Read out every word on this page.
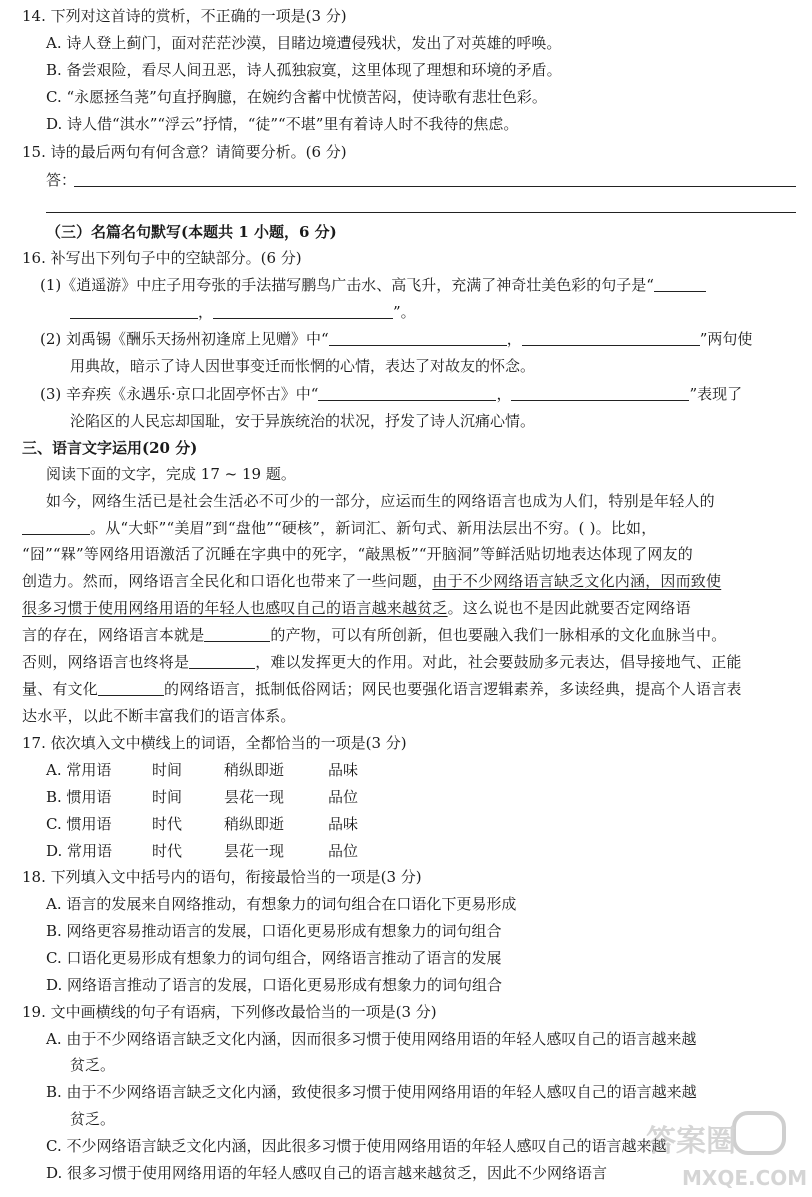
14. 下列对这首诗的赏析，不正确的一项是(3 分)
A. 诗人登上蓟门，面对茫茫沙漠，目睹边境遭侵残状，发出了对英雄的呼唤。
B. 备尝艰险，看尽人间丑恶，诗人孤独寂寞，这里体现了理想和环境的矛盾。
C. “永愿拯刍荛”句直抒胸臆，在婉约含蓄中忧愤苦闷，使诗歌有悲壮色彩。
D. 诗人借“淇水”“浮云”抒情，“徒”“不堪”里有着诗人时不我待的焦虑。
15. 诗的最后两句有何含意？请简要分析。(6 分)
答：
（三）名篇名句默写(本题共 1 小题，6 分)
16. 补写出下列句子中的空缺部分。(6 分)
(1)《逍遥游》中庄子用夸张的手法描写鹏鸟广击水、高飞升，充满了神奇壮美色彩的句子是“
，	”。
(2) 刘禹锡《酬乐天扬州初逢席上见赠》中“	，	”两句使
用典故，暗示了诗人因世事变迁而怅惘的心情，表达了对故友的怀念。
(3) 辛弃疾《永遇乐·京口北固亭怀古》中“	，	”表现了
沦陷区的人民忘却国耻，安于异族统治的状况，抒发了诗人沉痛心情。
三、语言文字运用(20 分)
阅读下面的文字，完成 17 ~ 19 题。
如今，网络生活已是社会生活必不可少的一部分，应运而生的网络语言也成为人们，特别是年轻人的
。从“大虾”“美眉”到“盘他”“硬核”，新词汇、新句式、新用法层出不穷。( )。比如，
“囧”“槑”等网络用语激活了沉睡在字典中的死字，“敲黑板”“开脑洞”等鲜活贴切地表达体现了网友的
创造力。然而，网络语言全民化和口语化也带来了一些问题，由于不少网络语言缺乏文化内涵，因而致使
很多习惯于使用网络用语的年轻人也感叹自己的语言越来越贫乏。这么说也不是因此就要否定网络语
言的存在，网络语言本就是	的产物，可以有所创新，但也要融入我们一脉相承的文化血脉当中。
否则，网络语言也终将是	，难以发挥更大的作用。对此，社会要鼓励多元表达，倡导接地气、正能
量、有文化	的网络语言，抵制低俗网话；网民也要强化语言逻辑素养，多读经典，提高个人语言表
达水平，以此不断丰富我们的语言体系。
17. 依次填入文中横线上的词语，全都恰当的一项是(3 分)
A. 常用语	时间	稍纵即逝	品味
B. 惯用语	时间	昙花一现	品位
C. 惯用语	时代	稍纵即逝	品味
D. 常用语	时代	昙花一现	品位
18. 下列填入文中括号内的语句，衔接最恰当的一项是(3 分)
A. 语言的发展来自网络推动，有想象力的词句组合在口语化下更易形成
B. 网络更容易推动语言的发展，口语化更易形成有想象力的词句组合
C. 口语化更易形成有想象力的词句组合，网络语言推动了语言的发展
D. 网络语言推动了语言的发展，口语化更易形成有想象力的词句组合
19. 文中画横线的句子有语病，下列修改最恰当的一项是(3 分)
A. 由于不少网络语言缺乏文化内涵，因而很多习惯于使用网络用语的年轻人感叹自己的语言越来越
贫乏。
B. 由于不少网络语言缺乏文化内涵，致使很多习惯于使用网络用语的年轻人感叹自己的语言越来越
贫乏。
C. 不少网络语言缺乏文化内涵，因此很多习惯于使用网络用语的年轻人感叹自己的语言越来越
D. 很多习惯于使用网络用语的年轻人感叹自己的语言越来越贫乏，因此不少网络语言
答案圈
MXQE.COM
